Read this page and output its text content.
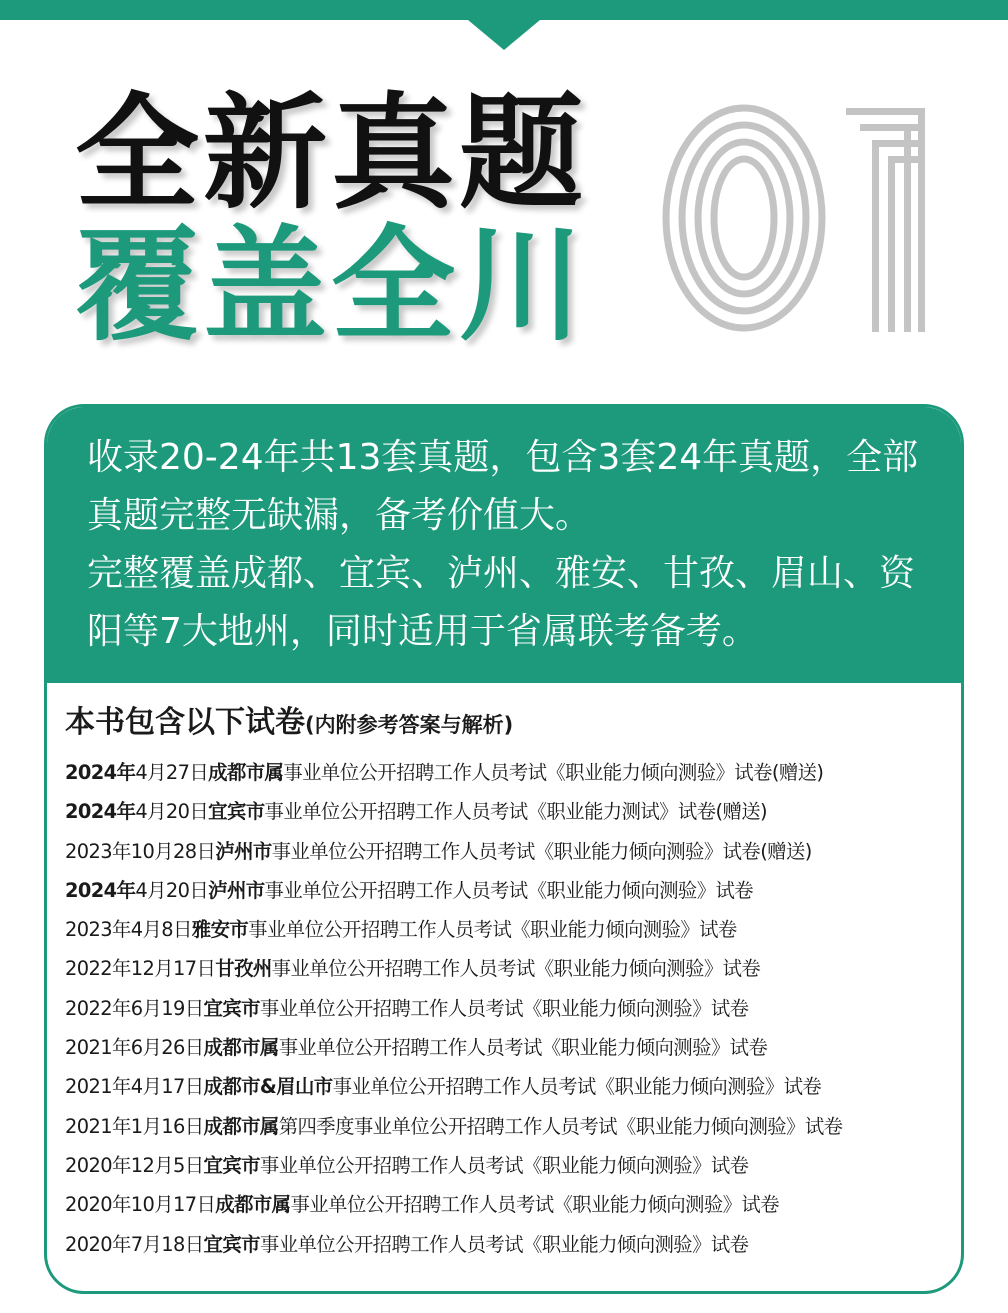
全新真题
覆盖全川
收录20-24年共13套真题，包含3套24年真题，全部真题完整无缺漏，备考价值大。
完整覆盖成都、宜宾、泸州、雅安、甘孜、眉山、资阳等7大地州，同时适用于省属联考备考。
本书包含以下试卷(内附参考答案与解析)
2024年4月27日成都市属事业单位公开招聘工作人员考试《职业能力倾向测验》试卷(赠送)
2024年4月20日宜宾市事业单位公开招聘工作人员考试《职业能力测试》试卷(赠送)
2023年10月28日泸州市事业单位公开招聘工作人员考试《职业能力倾向测验》试卷(赠送)
2024年4月20日泸州市事业单位公开招聘工作人员考试《职业能力倾向测验》试卷
2023年4月8日雅安市事业单位公开招聘工作人员考试《职业能力倾向测验》试卷
2022年12月17日甘孜州事业单位公开招聘工作人员考试《职业能力倾向测验》试卷
2022年6月19日宜宾市事业单位公开招聘工作人员考试《职业能力倾向测验》试卷
2021年6月26日成都市属事业单位公开招聘工作人员考试《职业能力倾向测验》试卷
2021年4月17日成都市&眉山市事业单位公开招聘工作人员考试《职业能力倾向测验》试卷
2021年1月16日成都市属第四季度事业单位公开招聘工作人员考试《职业能力倾向测验》试卷
2020年12月5日宜宾市事业单位公开招聘工作人员考试《职业能力倾向测验》试卷
2020年10月17日成都市属事业单位公开招聘工作人员考试《职业能力倾向测验》试卷
2020年7月18日宜宾市事业单位公开招聘工作人员考试《职业能力倾向测验》试卷
